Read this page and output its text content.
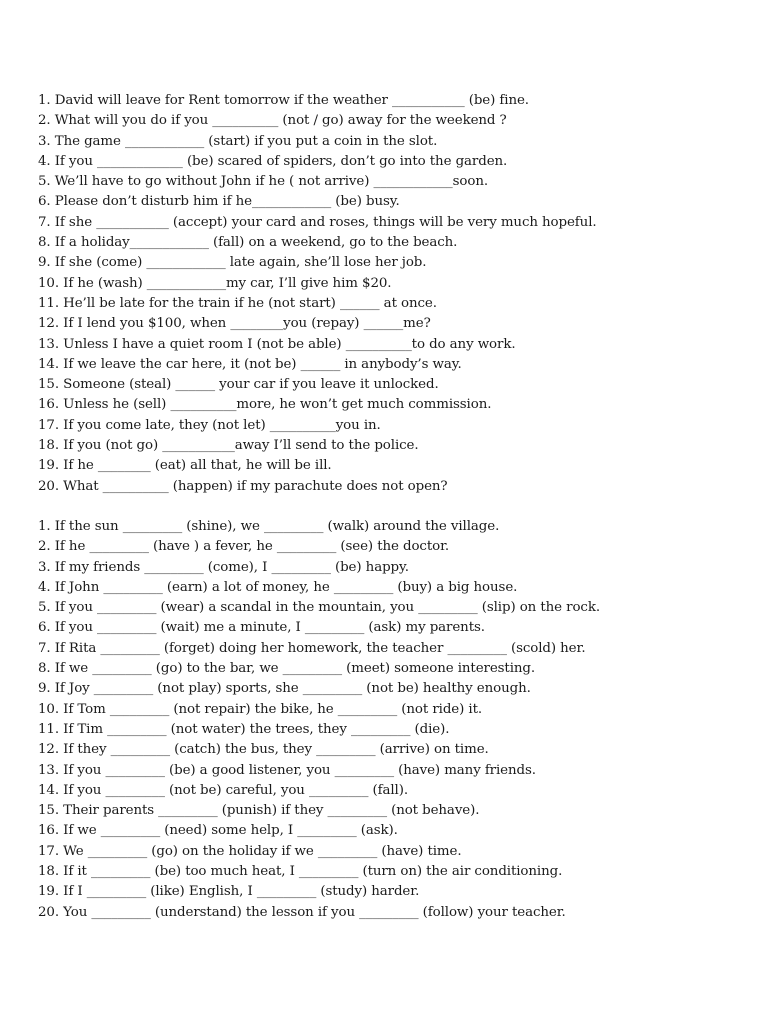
1. David will leave for Rent tomorrow if the weather ___________ (be) fine.
2. What will you do if you __________ (not / go) away for the weekend ?
3. The game ____________ (start) if you put a coin in the slot.
4. If you _____________ (be) scared of spiders, don’t go into the garden.
5. We’ll have to go without John if he ( not arrive) ____________soon.
6. Please don’t disturb him if he____________ (be) busy.
7. If she ___________ (accept) your card and roses, things will be very much hopeful.
8. If a holiday____________ (fall) on a weekend, go to the beach.
9. If she (come) ____________ late again, she’ll lose her job.
10. If he (wash) ____________my car, I’ll give him $20.
11. He’ll be late for the train if he (not start) ______ at once.
12. If I lend you $100, when ________you (repay) ______me?
13. Unless I have a quiet room I (not be able) __________to do any work.
14. If we leave the car here, it (not be) ______ in anybody’s way.
15. Someone (steal) ______ your car if you leave it unlocked.
16. Unless he (sell) __________more, he won’t get much commission.
17. If you come late, they (not let) __________you in.
18. If you (not go) ___________away I’ll send to the police.
19. If he ________ (eat) all that, he will be ill.
20. What __________ (happen) if my parachute does not open?
1. If the sun _________ (shine), we _________ (walk) around the village.
2. If he _________ (have ) a fever, he _________ (see) the doctor.
3. If my friends _________ (come), I _________ (be) happy.
4. If John _________ (earn) a lot of money, he _________ (buy) a big house.
5. If you _________ (wear) a scandal in the mountain, you _________ (slip) on the rock.
6. If you _________ (wait) me a minute, I _________ (ask) my parents.
7. If Rita _________ (forget) doing her homework, the teacher _________ (scold) her.
8. If we _________ (go) to the bar, we _________ (meet) someone interesting.
9. If Joy _________ (not play) sports, she _________ (not be) healthy enough.
10. If Tom _________ (not repair) the bike, he _________ (not ride) it.
11. If Tim _________ (not water) the trees, they _________ (die).
12. If they _________ (catch) the bus, they _________ (arrive) on time.
13. If you _________ (be) a good listener, you _________ (have) many friends.
14. If you _________ (not be) careful, you _________ (fall).
15. Their parents _________ (punish) if they _________ (not behave).
16. If we _________ (need) some help, I _________ (ask).
17. We _________ (go) on the holiday if we _________ (have) time.
18. If it _________ (be) too much heat, I _________ (turn on) the air conditioning.
19. If I _________ (like) English, I _________ (study) harder.
20. You _________ (understand) the lesson if you _________ (follow) your teacher.
